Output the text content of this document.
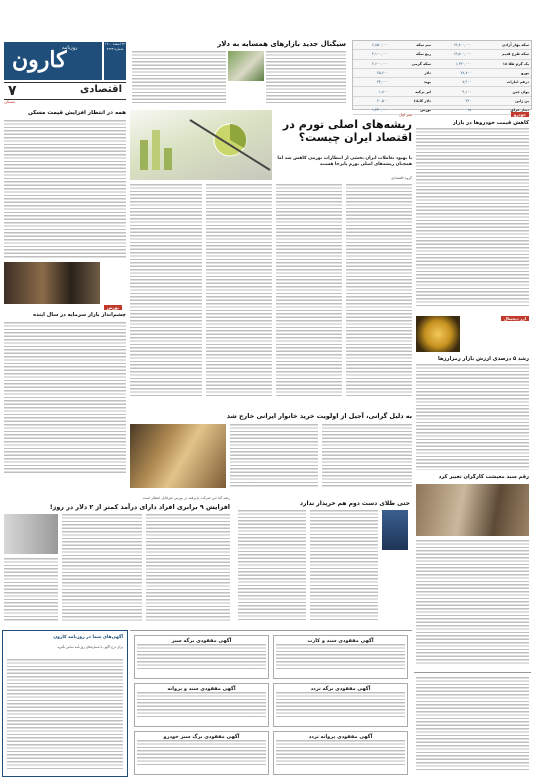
کارون
روزنامه
۲۲ اسفند ۱۴۰۰
شماره ۴۶۳۳
۷	اقتصادی
مسکن
سیگنال جدید بازارهای همسایه به دلار	سکه بهار آزادی	۱۴,۸۰۰,۰۰۰	نیم سکه	۶,۸۵۰,۰۰۰
سکه طرح قدیم	۱۴,۵۰۰,۰۰۰	ربع سکه	۴,۱۰۰,۰۰۰
یک گرم طلا ۱۸	۱,۳۳۰,۰۰۰	سکه گرمی	۲,۶۰۰,۰۰۰
یورو	۲۸,۷۰۰	دلار	۲۵,۶۰۰
درهم امارات	۷,۲۰۰	پوند	۳۴,۰۰۰
یوان چین	۴,۱۰۰	لیر ترکیه	۱,۸۰۰
ین ژاپن	۲۲۰	دلار کانادا	۲۰,۵۰۰
دینار عراق	۱۸	بورس	۱,۳۴۰,۰۰۰
همه در انتظار افزایش قیمت مسکن
بورس
چشم‌انداز بازار سرمایه در سال آینده
تیتر اول
ریشه‌های اصلی تورم در اقتصاد ایران چیست؟
با بهبود تعاملات ایران بخشی از انتظارات تورمی کاهش شد اما همچنان ریشه‌های اصلی تورم پابرجا هستند
گروه اقتصادی
خودرو
کاهش قیمت خودروها در بازار
ارز دیجیتال
رشد ۵ درصدی ارزش بازار رمزارزها
رقم سبد معیشت کارگران تغییر کرد
به دلیل گرانی، آجیل از اولویت خرید خانوار ایرانی خارج شد
رشد گدا این شرکت پذیرفته در بورس غیرقابل انتظار است
افزایش ۹ برابری افراد دارای درآمد کمتر از ۲ دلار در روز!	حتی طلای دست دوم هم خریدار ندارد
آگهی مفقودی سند و کارت
آگهی مفقودی برگه سبز
آگهی مفقودی برگه تردد
آگهی مفقودی سند و پروانه
آگهی مفقودی پروانه تردد
آگهی مفقودی برگ سبز خودرو
آگهی‌های شما در روزنامه کارون
برای درج آگهی با شماره‌های روزنامه تماس بگیرید
